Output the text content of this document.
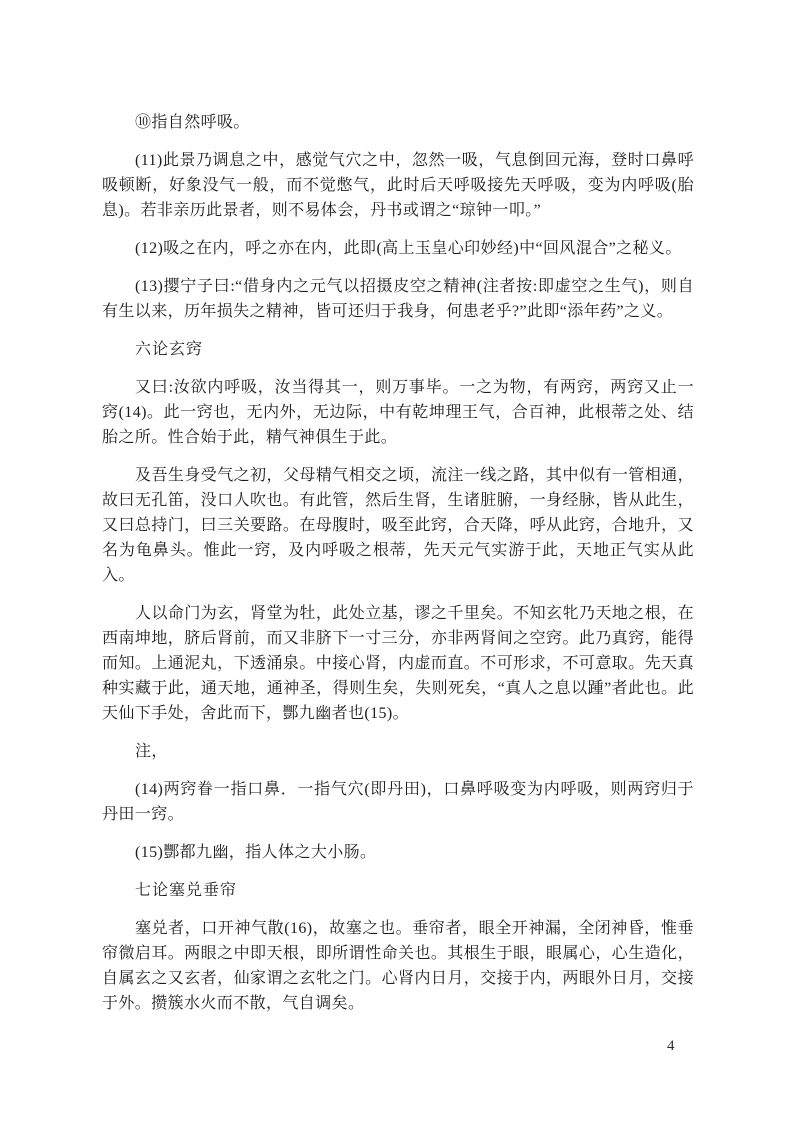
⑩指自然呼吸。

(11)此景乃调息之中，感觉气穴之中，忽然一吸，气息倒回元海，登时口鼻呼吸顿断，好象没气一般，而不觉憋气，此时后天呼吸接先天呼吸，变为内呼吸(胎息)。若非亲历此景者，则不易体会，丹书或谓之“琼钟一叩。”

(12)吸之在内，呼之亦在内，此即(高上玉皇心印妙经)中“回风混合”之秘义。

(13)撄宁子曰:“借身内之元气以招摄皮空之精神(注者按:即虚空之生气)，则自有生以来，历年损失之精神，皆可还归于我身，何患老乎?”此即“添年药”之义。

六论玄窍

又曰:汝欲内呼吸，汝当得其一，则万事毕。一之为物，有两窍，两窍又止一窍(14)。此一窍也，无内外，无边际，中有乾坤理王气，合百神，此根蒂之处、结胎之所。性合始于此，精气神俱生于此。

及吾生身受气之初，父母精气相交之顷，流注一线之路，其中似有一管相通，故曰无孔笛，没口人吹也。有此管，然后生肾，生诸脏腑，一身经脉，皆从此生，又曰总持门，曰三关要路。在母腹时，吸至此窍，合天降，呼从此窍，合地升，又名为龟鼻头。惟此一窍，及内呼吸之根蒂，先天元气实游于此，天地正气实从此入。

人以命门为玄，肾堂为牡，此处立基，谬之千里矣。不知玄牝乃天地之根，在西南坤地，脐后肾前，而又非脐下一寸三分，亦非两肾间之空窍。此乃真窍，能得而知。上通泥丸，下透涌泉。中接心肾，内虚而直。不可形求，不可意取。先天真种实藏于此，通天地，通神圣，得则生矣，失则死矣，“真人之息以踵”者此也。此天仙下手处，舍此而下，酆九幽者也(15)。

注，

(14)两窍眷一指口鼻．一指气穴(即丹田)，口鼻呼吸变为内呼吸，则两窍归于丹田一窍。

(15)酆都九幽，指人体之大小肠。

七论塞兑垂帘

塞兑者，口开神气散(16)，故塞之也。垂帘者，眼全开神漏，全闭神昏，惟垂帘微启耳。两眼之中即天根，即所谓性命关也。其根生于眼，眼属心，心生造化，自属玄之又玄者，仙家谓之玄牝之门。心肾内日月，交接于内，两眼外日月，交接于外。攒簇水火而不散，气自调矣。

4
